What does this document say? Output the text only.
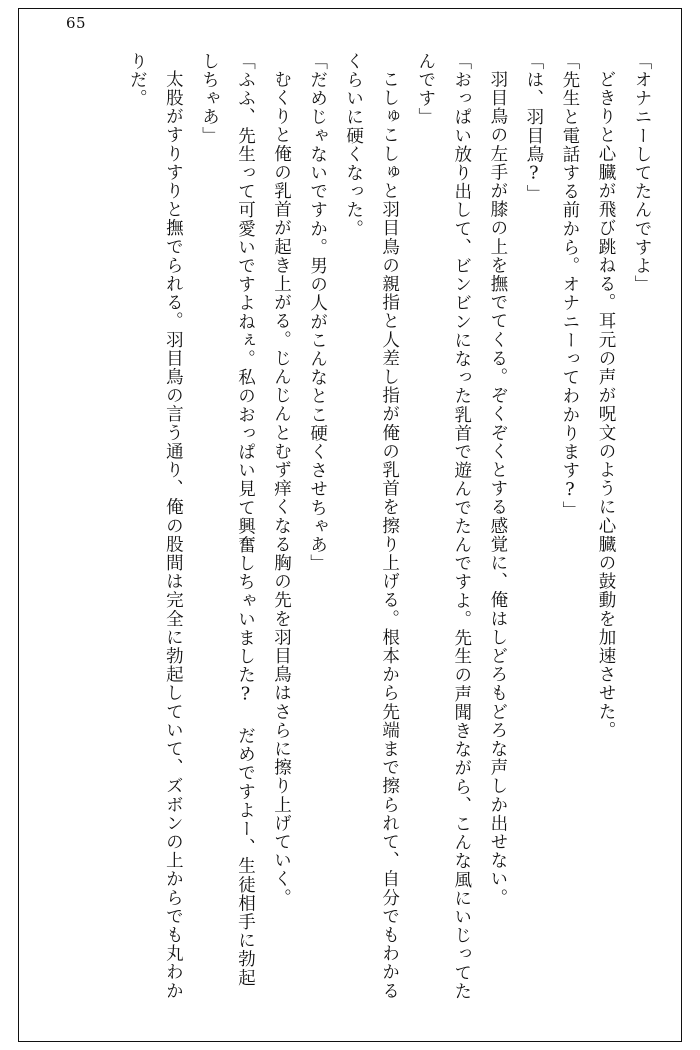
65

「オナニーしてたんですよ」

どきりと心臓が飛び跳ねる。耳元の声が呪文のように心臓の鼓動を加速させた。

「先生と電話する前から。オナニーってわかります?」

「は、羽目鳥?」

羽目鳥の左手が膝の上を撫でてくる。ぞくぞくとする感覚に、俺はしどろもどろな声しか出せない。

「おっぱい放り出して、ビンビンになった乳首で遊んでたんですよ。先生の声聞きながら、こんな風にいじってたんです」

こしゅこしゅと羽目鳥の親指と人差し指が俺の乳首を擦り上げる。根本から先端まで擦られて、自分でもわかるくらいに硬くなった。

「だめじゃないですか。男の人がこんなとこ硬くさせちゃあ」

むくりと俺の乳首が起き上がる。じんじんとむず痒くなる胸の先を羽目鳥はさらに擦り上げていく。

「ふふ、先生って可愛いですよねぇ。私のおっぱい見て興奮しちゃいました? だめですよー、生徒相手に勃起しちゃあ」

太股がすりすりと撫でられる。羽目鳥の言う通り、俺の股間は完全に勃起していて、ズボンの上からでも丸わかりだ。
